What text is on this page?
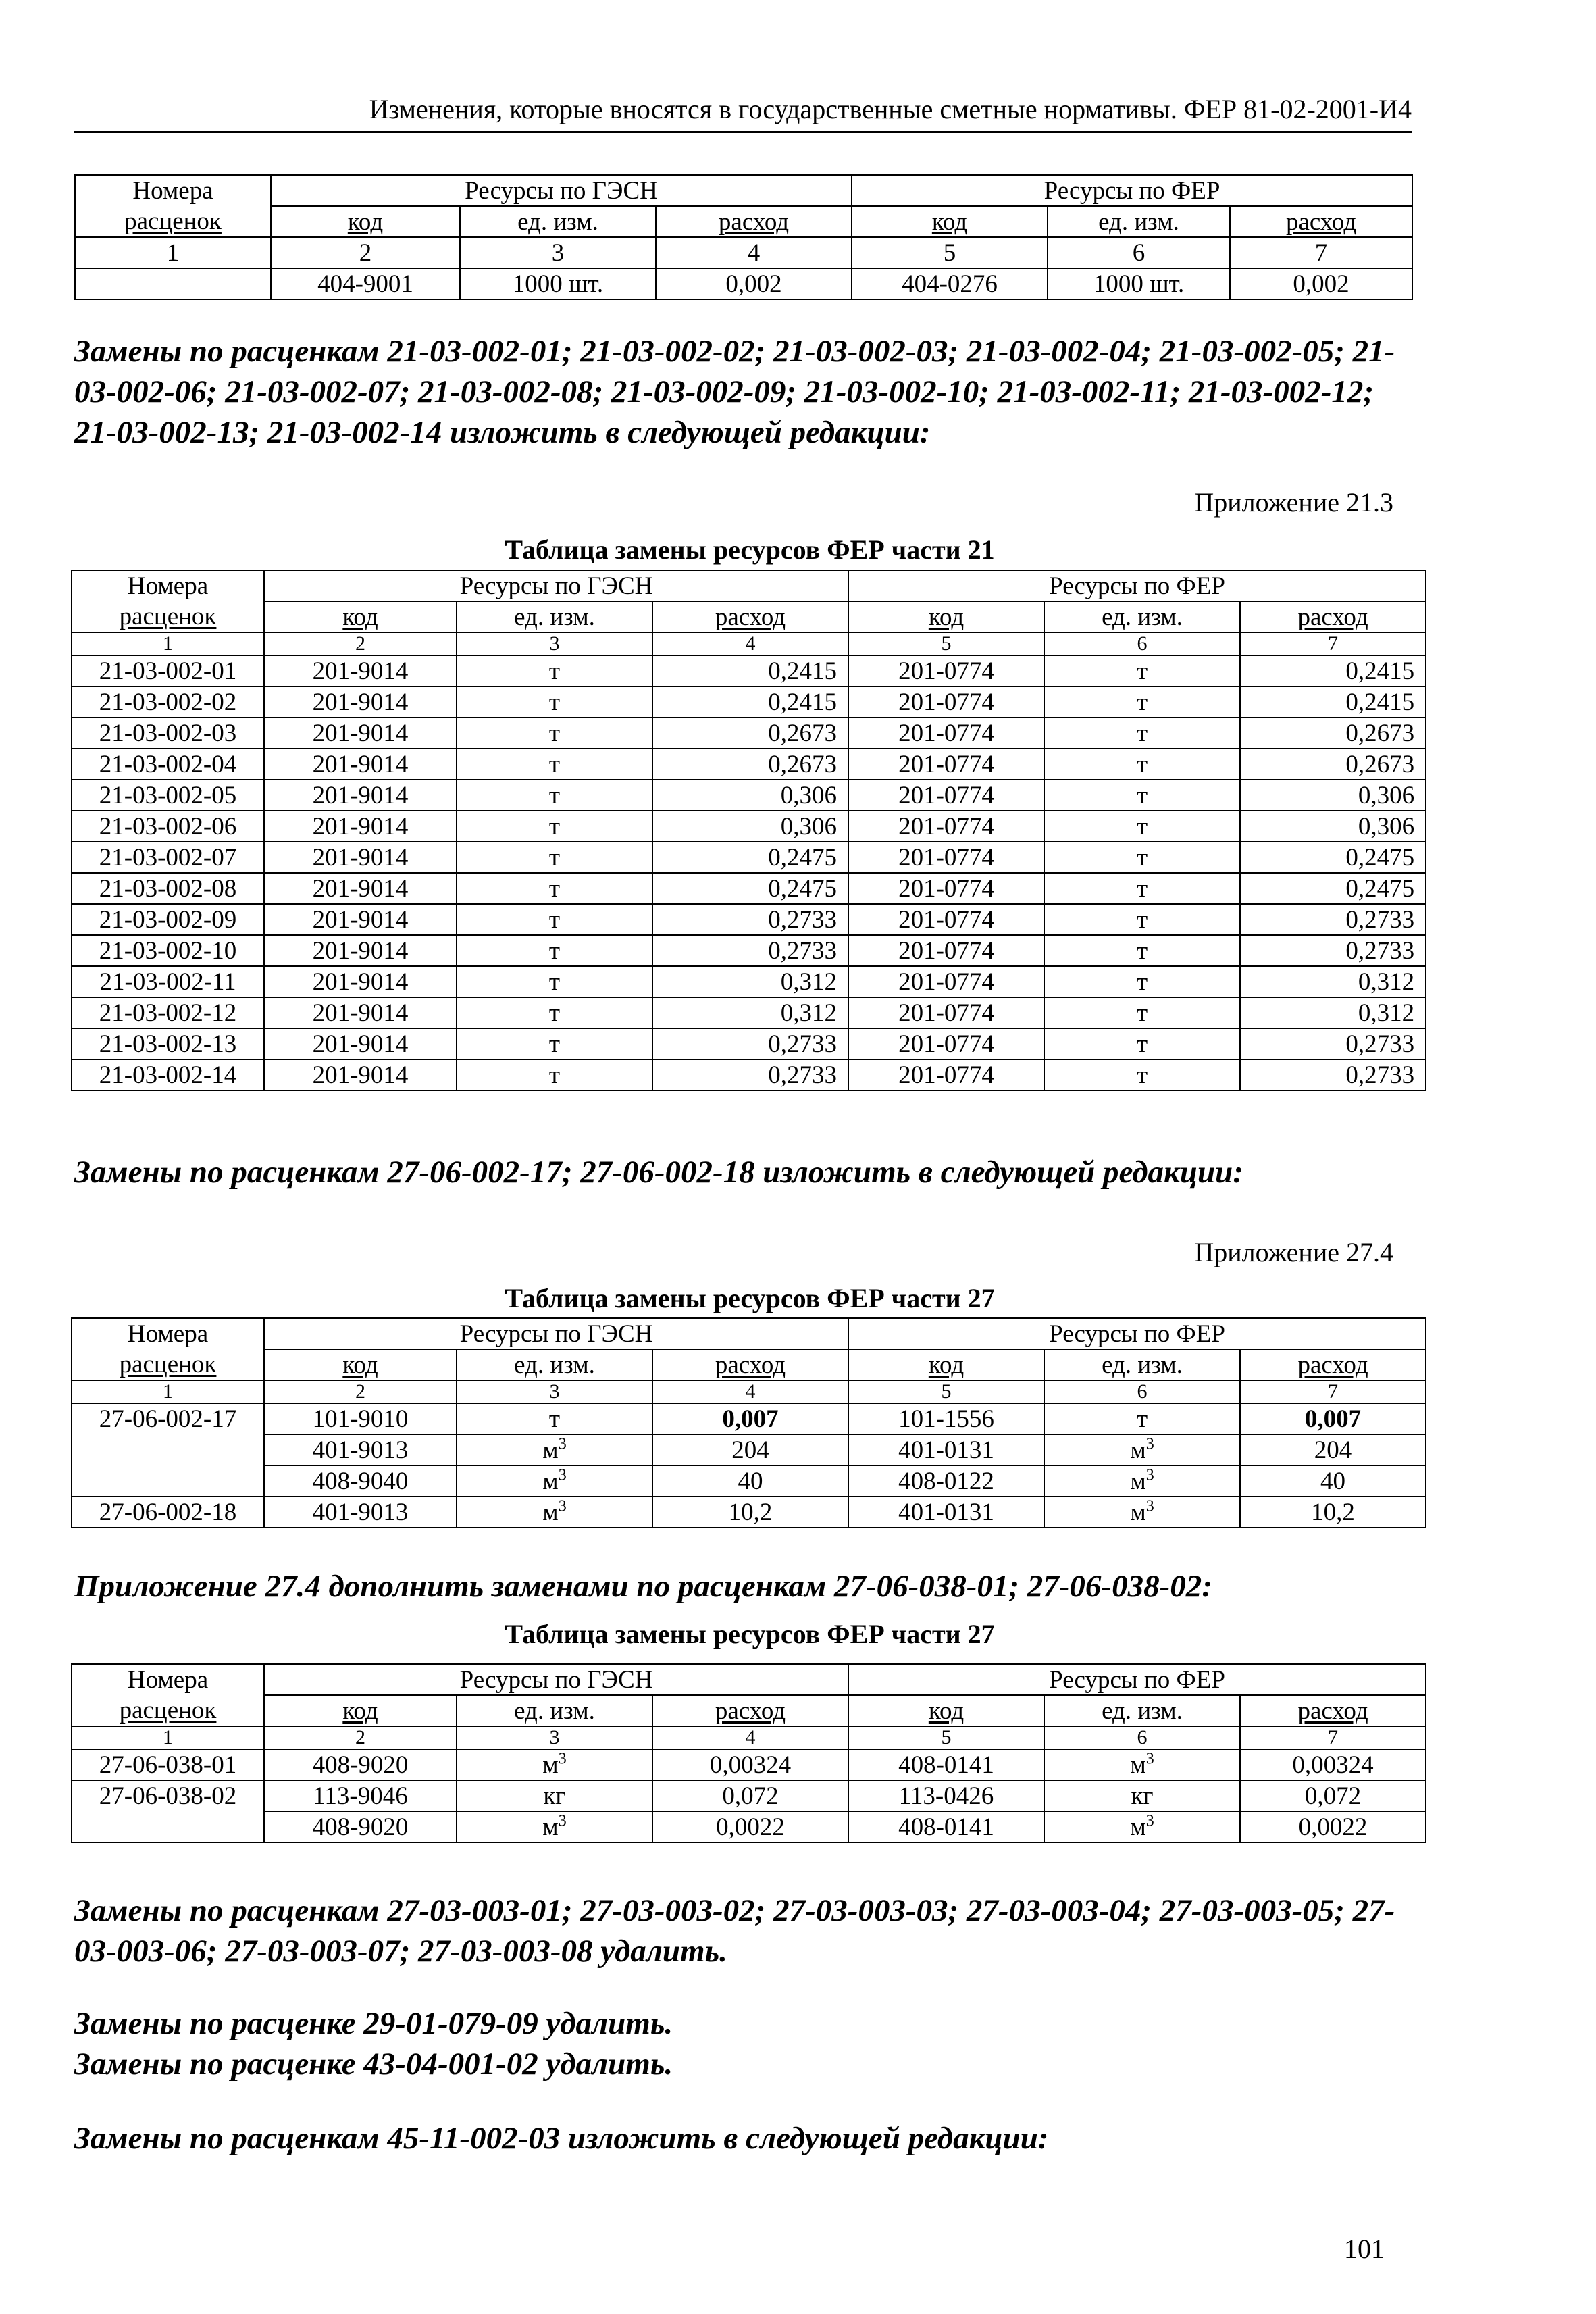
Изменения, которые вносятся в государственные сметные нормативы. ФЕР 81-02-2001-И4
Номера	Ресурсы по ГЭСН			Ресурсы по ФЕР		
расценок	код	ед. изм.	расход	код	ед. изм.	расход
1	2	3	4	5	6	7
	404-9001	1000 шт.	0,002	404-0276	1000 шт.	0,002
Замены по расценкам 21-03-002-01; 21-03-002-02; 21-03-002-03; 21-03-002-04; 21-03-002-05; 21-03-002-06; 21-03-002-07; 21-03-002-08; 21-03-002-09; 21-03-002-10; 21-03-002-11; 21-03-002-12; 21-03-002-13; 21-03-002-14 изложить в следующей редакции:
Приложение 21.3
Таблица замены ресурсов ФЕР части 21
Номера	Ресурсы по ГЭСН			Ресурсы по ФЕР		
расценок	код	ед. изм.	расход	код	ед. изм.	расход
1	2	3	4	5	6	7
21-03-002-01	201-9014	т	0,2415	201-0774	т	0,2415
21-03-002-02	201-9014	т	0,2415	201-0774	т	0,2415
21-03-002-03	201-9014	т	0,2673	201-0774	т	0,2673
21-03-002-04	201-9014	т	0,2673	201-0774	т	0,2673
21-03-002-05	201-9014	т	0,306	201-0774	т	0,306
21-03-002-06	201-9014	т	0,306	201-0774	т	0,306
21-03-002-07	201-9014	т	0,2475	201-0774	т	0,2475
21-03-002-08	201-9014	т	0,2475	201-0774	т	0,2475
21-03-002-09	201-9014	т	0,2733	201-0774	т	0,2733
21-03-002-10	201-9014	т	0,2733	201-0774	т	0,2733
21-03-002-11	201-9014	т	0,312	201-0774	т	0,312
21-03-002-12	201-9014	т	0,312	201-0774	т	0,312
21-03-002-13	201-9014	т	0,2733	201-0774	т	0,2733
21-03-002-14	201-9014	т	0,2733	201-0774	т	0,2733
Замены по расценкам 27-06-002-17; 27-06-002-18 изложить в следующей редакции:
Приложение 27.4
Таблица замены ресурсов ФЕР части 27
Номера	Ресурсы по ГЭСН			Ресурсы по ФЕР		
расценок	код	ед. изм.	расход	код	ед. изм.	расход
1	2	3	4	5	6	7
27-06-002-17	101-9010	т	0,007	101-1556	т	0,007
	401-9013	$м^3$	204	401-0131	$м^3$	204
	408-9040	$м^3$	40	408-0122	$м^3$	40
27-06-002-18	401-9013	$м^3$	10,2	401-0131	$м^3$	10,2
Приложение 27.4 дополнить заменами по расценкам 27-06-038-01; 27-06-038-02:
Таблица замены ресурсов ФЕР части 27
Номера	Ресурсы по ГЭСН			Ресурсы по ФЕР		
расценок	код	ед. изм.	расход	код	ед. изм.	расход
1	2	3	4	5	6	7
27-06-038-01	408-9020	$м^3$	0,00324	408-0141	$м^3$	0,00324
27-06-038-02	113-9046	кг	0,072	113-0426	кг	0,072
	408-9020	$м^3$	0,0022	408-0141	$м^3$	0,0022
Замены по расценкам 27-03-003-01; 27-03-003-02; 27-03-003-03; 27-03-003-04; 27-03-003-05; 27-03-003-06; 27-03-003-07; 27-03-003-08 удалить.
Замены по расценке 29-01-079-09 удалить.
Замены по расценке 43-04-001-02 удалить.
Замены по расценкам 45-11-002-03 изложить в следующей редакции:
101
